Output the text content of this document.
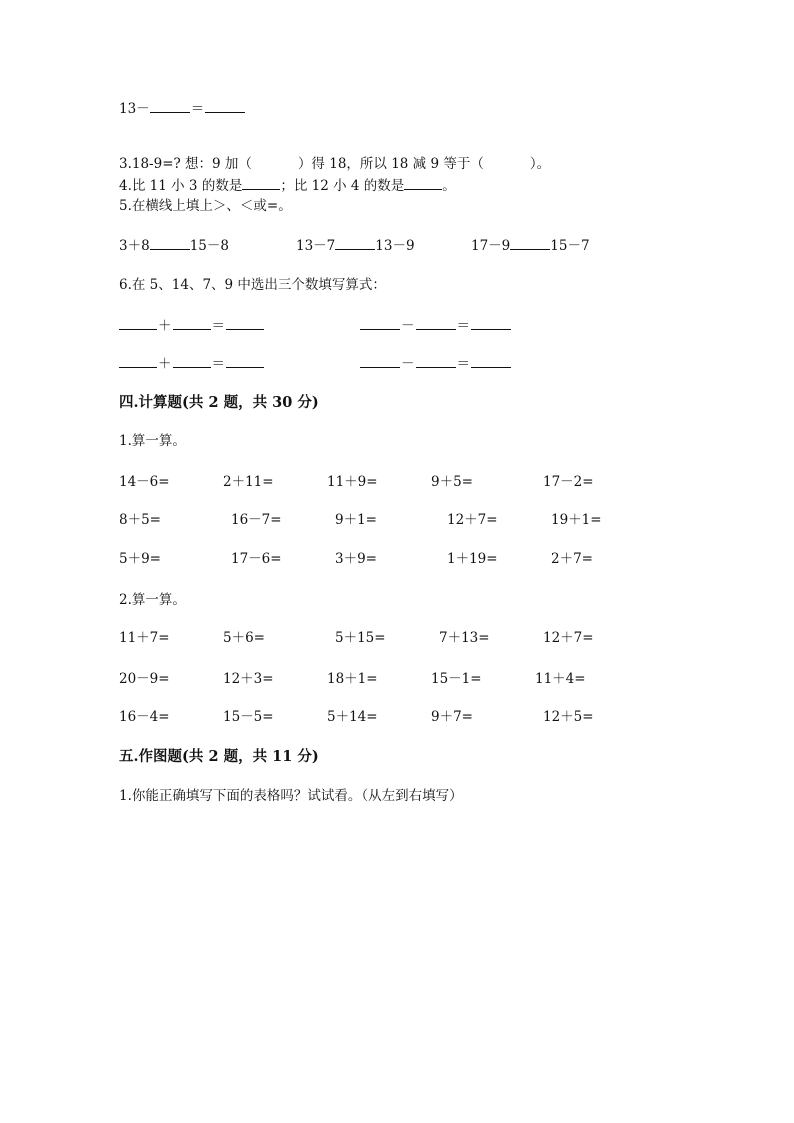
13－	＝
3.18-9=? 想：9 加（	）得 18，所以 18 减 9 等于（	）。
4.比 11 小 3 的数是	；比 12 小 4 的数是	。
5.在横线上填上＞、＜或=。
3＋8	15－8	13－7	13－9	17－9	15－7
6.在 5、14、7、9 中选出三个数填写算式：
＋	＝	－	＝
＋	＝	－	＝
四.计算题(共 2 题，共 30 分)
1.算一算。
14－6=	2＋11=	11＋9=	9＋5=	17－2=
8＋5=	16－7=	9＋1=	12＋7=	19＋1=
5＋9=	17－6=	3＋9=	1＋19=	2＋7=
2.算一算。
11＋7=	5＋6=	5＋15=	7＋13=	12＋7=
20－9=	12＋3=	18＋1=	15－1=	11＋4=
16－4=	15－5=	5＋14=	9＋7=	12＋5=
五.作图题(共 2 题，共 11 分)
1.你能正确填写下面的表格吗？试试看。（从左到右填写）
